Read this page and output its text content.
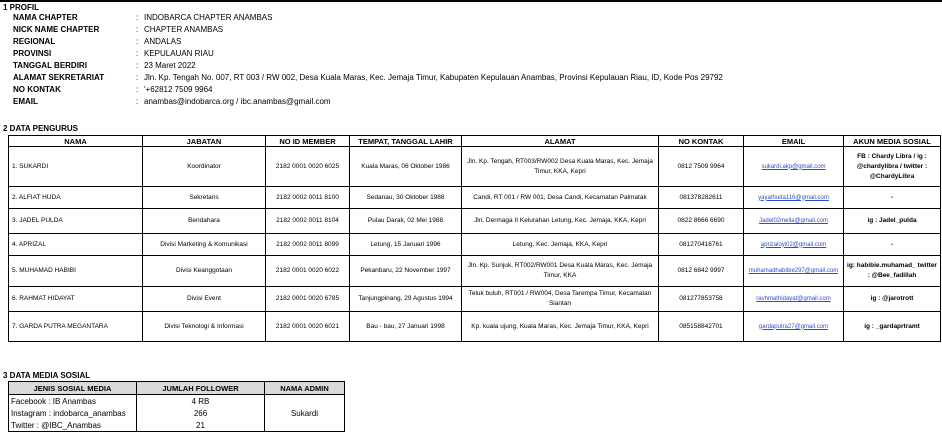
1 PROFIL
NAMA CHAPTER	: INDOBARCA CHAPTER ANAMBAS
NICK NAME CHAPTER	: CHAPTER ANAMBAS
REGIONAL	: ANDALAS
PROVINSI	: KEPULAUAN RIAU
TANGGAL BERDIRI	: 23 Maret 2022
ALAMAT SEKRETARIAT	: Jln. Kp. Tengah No. 007, RT 003 / RW 002, Desa Kuala Maras, Kec. Jemaja Timur, Kabupaten Kepulauan Anambas, Provinsi Kepulauan Riau, ID, Kode Pos 29792
NO KONTAK	: '+62812 7509 9964
EMAIL	: anambas@indobarca.org / ibc.anambas@gmail.com
2 DATA PENGURUS
NAMA	JABATAN	NO ID MEMBER	TEMPAT, TANGGAL LAHIR	ALAMAT	NO KONTAK	EMAIL	AKUN MEDIA SOSIAL
1. SUKARDI	Koordinator	2182 0001 0020 6025	Kuala Maras, 06 Oktober 1986	Jln. Kp. Tengah, RT003/RW002 Desa Kuala Maras, Kec. Jemaja Timur, KKA, Kepri	0812 7509 9964	sukardi.akp@gmail.com	FB : Chardy Libra / ig : @chardylibra / twitter : @ChardyLibra
2. ALFIAT HUDA	Sekretaris	2182 0002 0011 8100	Sedanau, 30 Oktober 1988	Candi, RT 001 / RW 001, Desa Candi, Kecamatan Palmatak	081378282611	yayathuda116@gmail.com	-
3. JADEL PULDA	Bendahara	2182 0002 0011 8104	Pulau Darak, 02 Mei 1988	Jln. Dermaga II Kelurahan Letung, Kec. Jemaja, KKA, Kepri	0822 8666 6690	Jadel02mella@gmail.com	ig : Jadel_pulda
4. APRIZAL	Divisi Marketing & Komunikasi	2182 0002 0011 8099	Letung, 15 Januari 1996	Letung, Kec. Jemaja, KKA, Kepri	081270416761	aprizaloyi02@gmail.com	-
5. MUHAMAD HABIBI	Divisi Keanggotaan	2182 0001 0020 6022	Pekanbaru, 22 November 1997	Jln. Kp. Sunjuk, RT002/RW001 Desa Kuala Maras, Kec. Jemaja Timur, KKA	0812 6842 9997	muhamadhabibie297@gmail.com	ig: habibie.muhamad_ twitter : @Bee_fadillah
6. RAHMAT HIDAYAT	Divisi Event	2182 0001 0020 6785	Tanjungpinang, 29 Agustus 1994	Teluk buluh, RT001 / RW004, Desa Tarempa Timur, Kecamatan Siantan	081277853758	ravhmathidayat@gmail.com	ig : @jarotrott
7. GARDA PUTRA MEGANTARA	Divisi Teknologi & Informasi	2182 0001 0020 6021	Bau - bau, 27 Januari 1998	Kp. kuala ujung, Kuala Maras, Kec. Jemaja Timur, KKA, Kepri	085158842701	gardaputra27@gmail.com	ig : _gardaprtramt
3 DATA MEDIA SOSIAL
JENIS SOSIAL MEDIA	JUMLAH FOLLOWER	NAMA ADMIN
Facebook : IB Anambas	4 RB	Sukardi
Instagram : indobarca_anambas	266	
Twitter : @IBC_Anambas	21	
